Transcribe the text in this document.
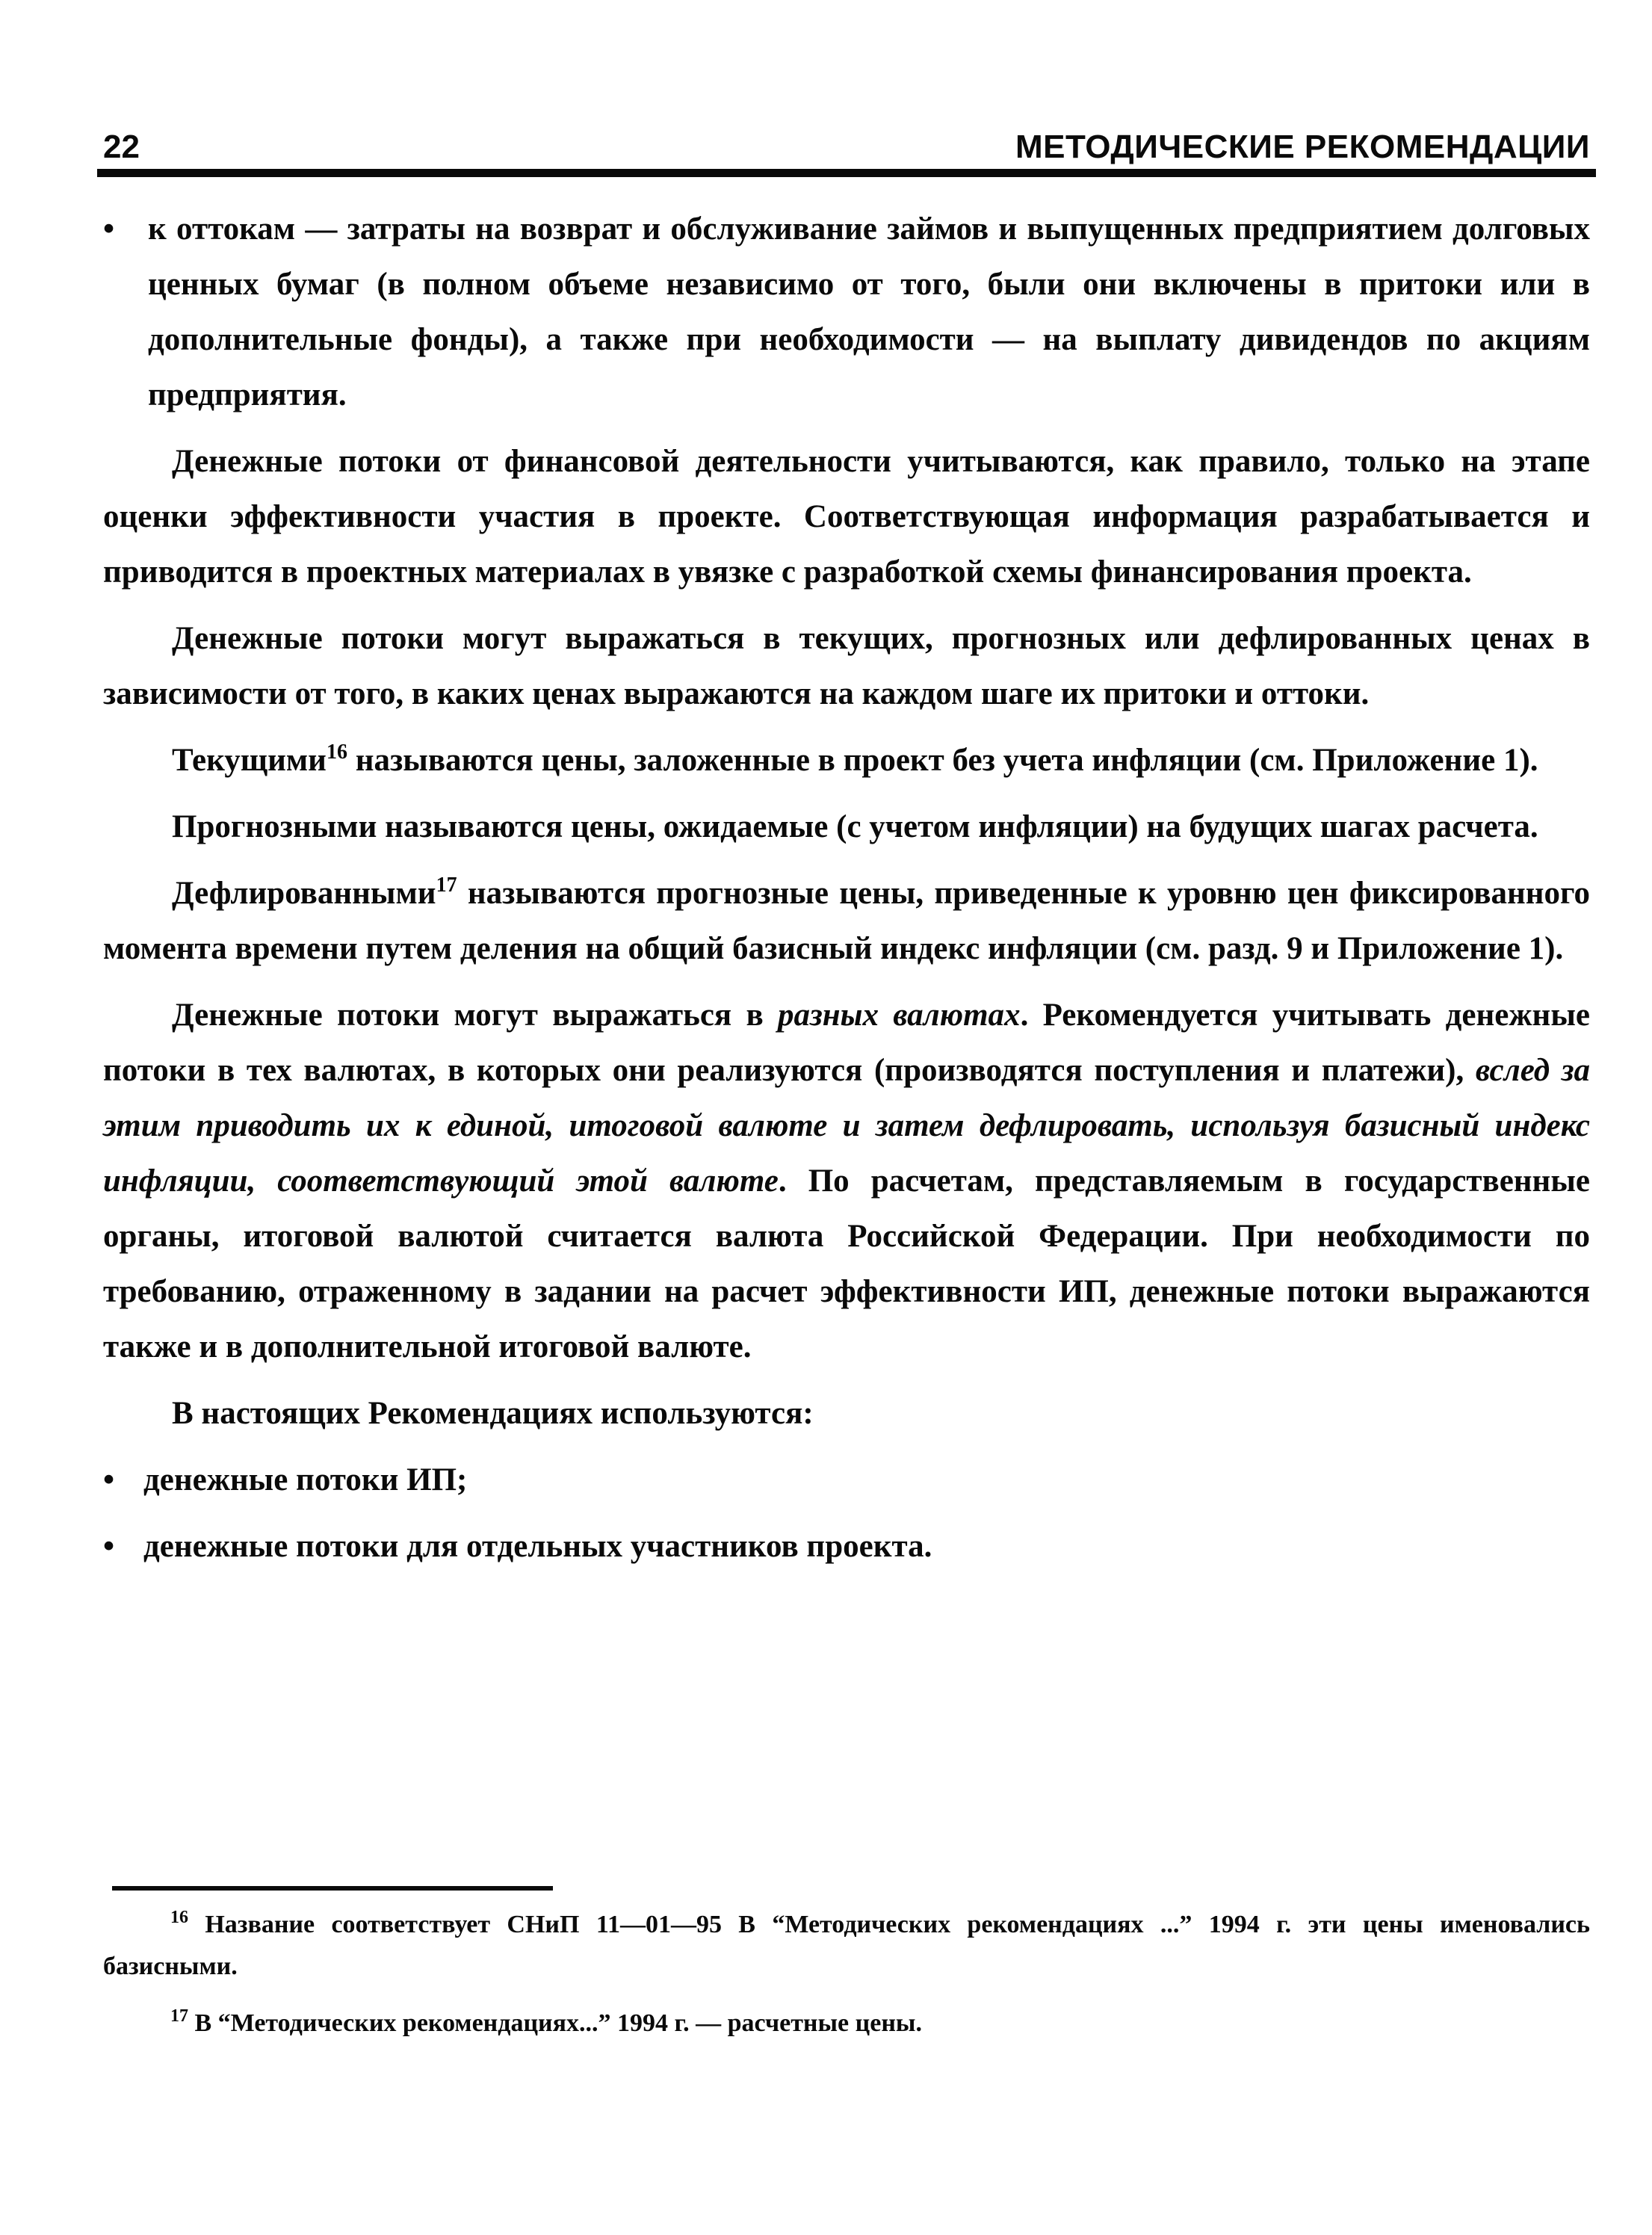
22	МЕТОДИЧЕСКИЕ РЕКОМЕНДАЦИИ

• к оттокам — затраты на возврат и обслуживание займов и выпущенных предприятием долговых ценных бумаг (в полном объеме независимо от того, были они включены в притоки или в дополнительные фонды), а также при необходимости — на выплату дивидендов по акциям предприятия.

Денежные потоки от финансовой деятельности учитываются, как правило, только на этапе оценки эффективности участия в проекте. Соответствующая информация разрабатывается и приводится в проектных материалах в увязке с разработкой схемы финансирования проекта.

Денежные потоки могут выражаться в текущих, прогнозных или дефлированных ценах в зависимости от того, в каких ценах выражаются на каждом шаге их притоки и оттоки.

Текущими$^{16}$ называются цены, заложенные в проект без учета инфляции (см. Приложение 1).

Прогнозными называются цены, ожидаемые (с учетом инфляции) на будущих шагах расчета.

Дефлированными$^{17}$ называются прогнозные цены, приведенные к уровню цен фиксированного момента времени путем деления на общий базисный индекс инфляции (см. разд. 9 и Приложение 1).

Денежные потоки могут выражаться в разных валютах. Рекомендуется учитывать денежные потоки в тех валютах, в которых они реализуются (производятся поступления и платежи), вслед за этим приводить их к единой, итоговой валюте и затем дефлировать, используя базисный индекс инфляции, соответствующий этой валюте. По расчетам, представляемым в государственные органы, итоговой валютой считается валюта Российской Федерации. При необходимости по требованию, отраженному в задании на расчет эффективности ИП, денежные потоки выражаются также и в дополнительной итоговой валюте.

В настоящих Рекомендациях используются:

• денежные потоки ИП;

• денежные потоки для отдельных участников проекта.

$^{16}$ Название соответствует СНиП 11—01—95 В “Методических рекомендациях ...” 1994 г. эти цены именовались базисными.

$^{17}$ В “Методических рекомендациях...” 1994 г. — расчетные цены.
